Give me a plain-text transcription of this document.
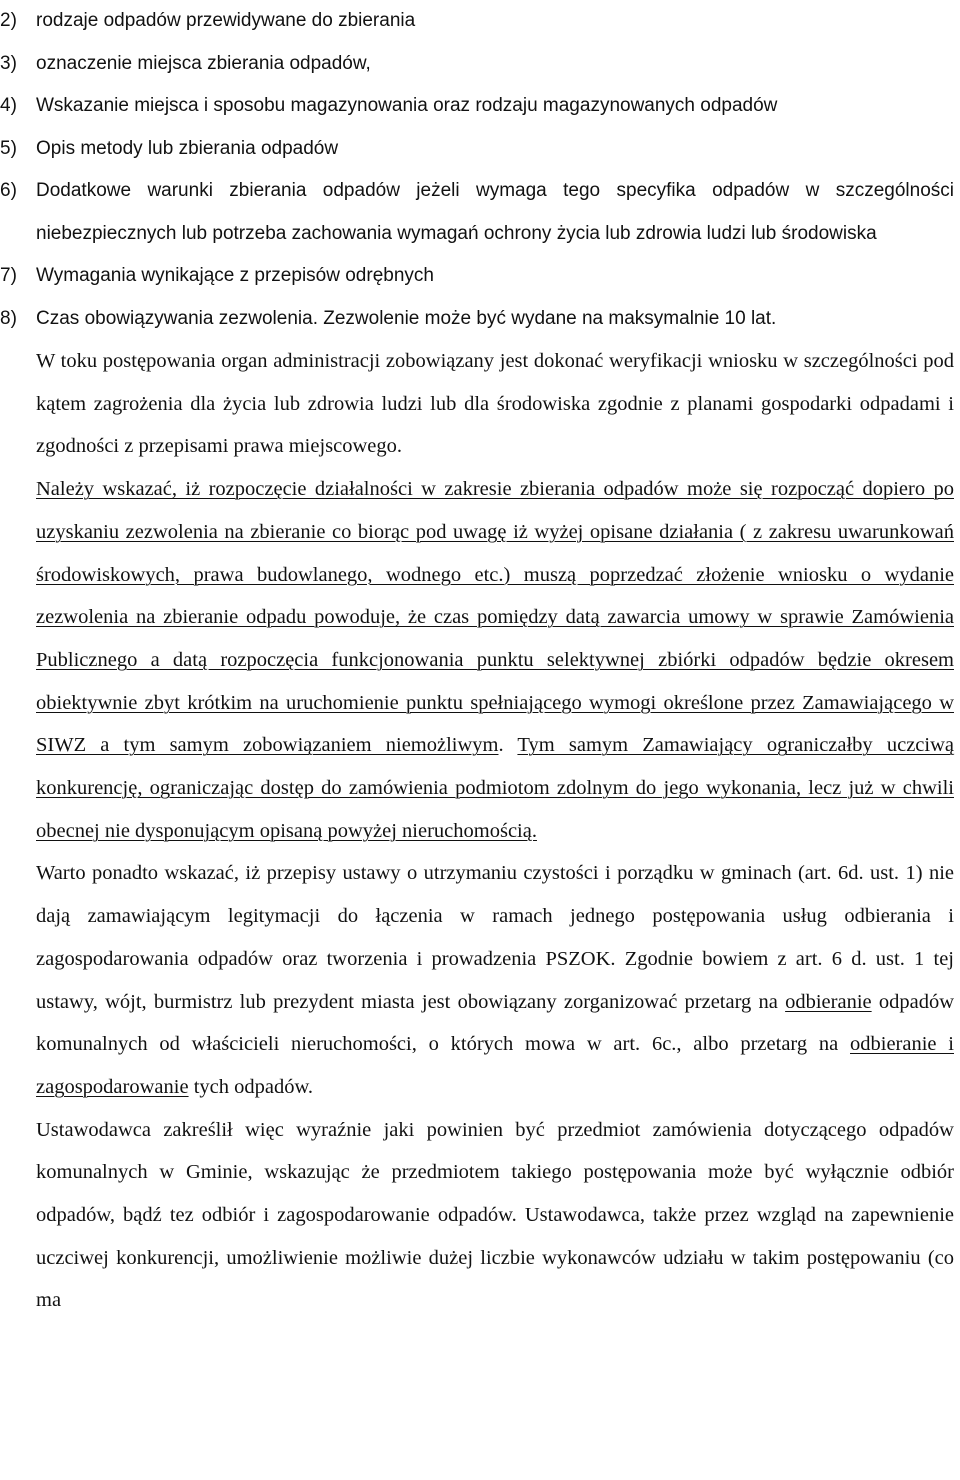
2)	rodzaje odpadów przewidywane do zbierania
3)	oznaczenie miejsca zbierania odpadów,
4)	Wskazanie miejsca i sposobu magazynowania oraz rodzaju magazynowanych odpadów
5)	Opis metody lub zbierania odpadów
6)	Dodatkowe warunki zbierania odpadów jeżeli wymaga tego specyfika odpadów w szczególności niebezpiecznych lub potrzeba zachowania wymagań ochrony życia lub zdrowia ludzi lub środowiska
7)	Wymagania wynikające z przepisów odrębnych
8)	Czas obowiązywania zezwolenia. Zezwolenie może być wydane na maksymalnie 10 lat.
W toku postępowania organ administracji zobowiązany jest dokonać weryfikacji wniosku w szczególności pod kątem zagrożenia dla życia lub zdrowia ludzi lub dla środowiska zgodnie z planami gospodarki odpadami i zgodności z przepisami prawa miejscowego.
Należy wskazać, iż rozpoczęcie działalności w zakresie zbierania odpadów może się rozpocząć dopiero po uzyskaniu zezwolenia na zbieranie co biorąc pod uwagę iż wyżej opisane działania ( z zakresu uwarunkowań środowiskowych, prawa budowlanego, wodnego etc.) muszą poprzedzać złożenie wniosku o wydanie zezwolenia na zbieranie odpadu powoduje, że czas pomiędzy datą zawarcia umowy w sprawie Zamówienia Publicznego a datą rozpoczęcia funkcjonowania punktu selektywnej zbiórki odpadów będzie okresem obiektywnie zbyt krótkim na uruchomienie punktu spełniającego wymogi określone przez Zamawiającego w SIWZ a tym samym zobowiązaniem niemożliwym. Tym samym Zamawiający ograniczałby uczciwą konkurencję, ograniczając dostęp do zamówienia podmiotom zdolnym do jego wykonania, lecz już w chwili obecnej nie dysponującym opisaną powyżej nieruchomością.
Warto ponadto wskazać, iż przepisy ustawy o utrzymaniu czystości i porządku w gminach (art. 6d. ust. 1) nie dają zamawiającym legitymacji do łączenia w ramach jednego postępowania usług odbierania i zagospodarowania odpadów oraz tworzenia i prowadzenia PSZOK. Zgodnie bowiem z art. 6 d. ust. 1 tej ustawy, wójt, burmistrz lub prezydent miasta jest obowiązany zorganizować przetarg na odbieranie odpadów komunalnych od właścicieli nieruchomości, o których mowa w art. 6c., albo przetarg na odbieranie i zagospodarowanie tych odpadów.
Ustawodawca zakreślił więc wyraźnie jaki powinien być przedmiot zamówienia dotyczącego odpadów komunalnych w Gminie, wskazując że przedmiotem takiego postępowania może być wyłącznie odbiór odpadów, bądź tez odbiór i zagospodarowanie odpadów. Ustawodawca, także przez wzgląd na zapewnienie uczciwej konkurencji, umożliwienie możliwie dużej liczbie wykonawców udziału w takim postępowaniu (co ma
